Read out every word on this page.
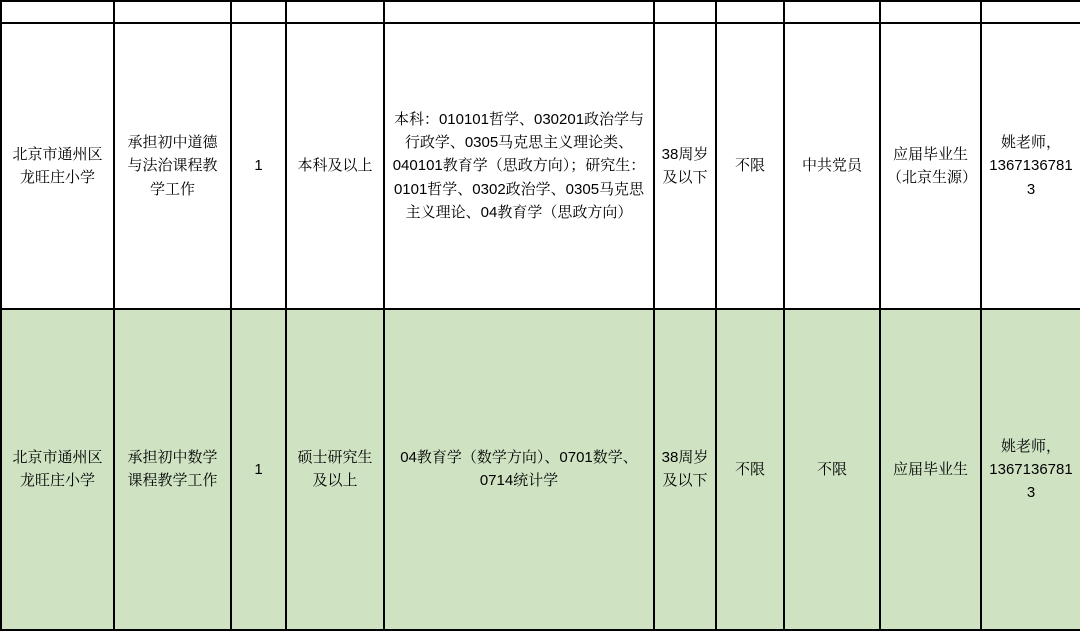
北京市通州区龙旺庄小学	承担初中道德与法治课程教学工作	1	本科及以上	本科：010101哲学、030201政治学与行政学、0305马克思主义理论类、040101教育学（思政方向）；研究生：0101哲学、0302政治学、0305马克思主义理论、04教育学（思政方向）	38周岁及以下	不限	中共党员	应届毕业生（北京生源）	姚老师，13671367813
北京市通州区龙旺庄小学	承担初中数学课程教学工作	1	硕士研究生及以上	04教育学（数学方向）、0701数学、0714统计学	38周岁及以下	不限	不限	应届毕业生	姚老师，13671367813
